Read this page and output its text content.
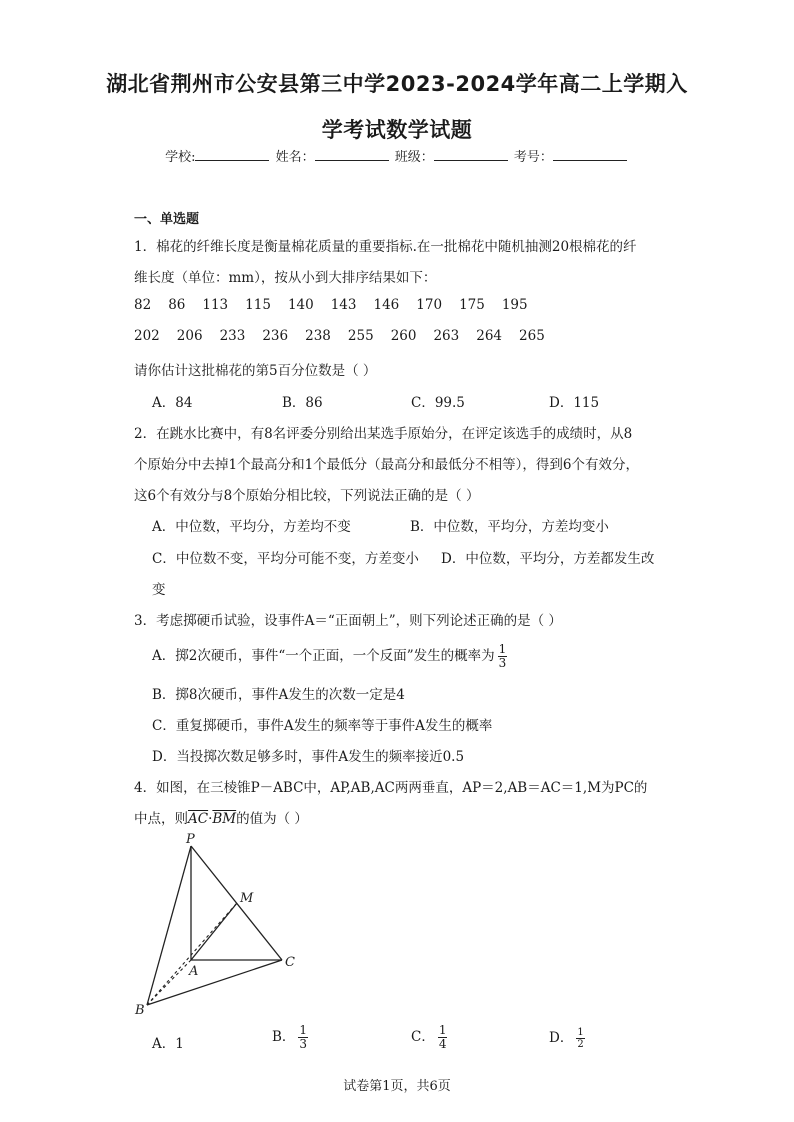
湖北省荆州市公安县第三中学2023-2024学年高二上学期入
学考试数学试题
学校:	姓名：	班级：	考号：
一、单选题
1．棉花的纤维长度是衡量棉花质量的重要指标.在一批棉花中随机抽测20根棉花的纤
维长度（单位：mm），按从小到大排序结果如下：
82 86 113 115 140 143 146 170 175 195
202 206 233 236 238 255 260 263 264 265
请你估计这批棉花的第5百分位数是（ ）
A．84	B．86	C．99.5	D．115
2．在跳水比赛中，有8名评委分别给出某选手原始分，在评定该选手的成绩时，从8
个原始分中去掉1个最高分和1个最低分（最高分和最低分不相等），得到6个有效分，
这6个有效分与8个原始分相比较，下列说法正确的是（ ）
A．中位数，平均分，方差均不变	B．中位数，平均分，方差均变小
C．中位数不变，平均分可能不变，方差变小 D．中位数，平均分，方差都发生改
变
3．考虑掷硬币试验，设事件A＝“正面朝上”，则下列论述正确的是（ ）
A．掷2次硬币，事件“一个正面，一个反面”发生的概率为 $\frac{1}{3}$
B．掷8次硬币，事件A发生的次数一定是4
C．重复掷硬币，事件A发生的频率等于事件A发生的概率
D．当投掷次数足够多时，事件A发生的频率接近0.5
4．如图，在三棱锥P－ABC中，AP,AB,AC两两垂直，AP＝2,AB＝AC＝1,M为PC的
中点，则$\overline{AC}\cdot\overline{BM}$的值为（ ）
P
M
A
B
C
A．1	B． $\frac{1}{3}$	C． $\frac{1}{4}$	D． $\frac{1}{2}$
试卷第1页，共6页
